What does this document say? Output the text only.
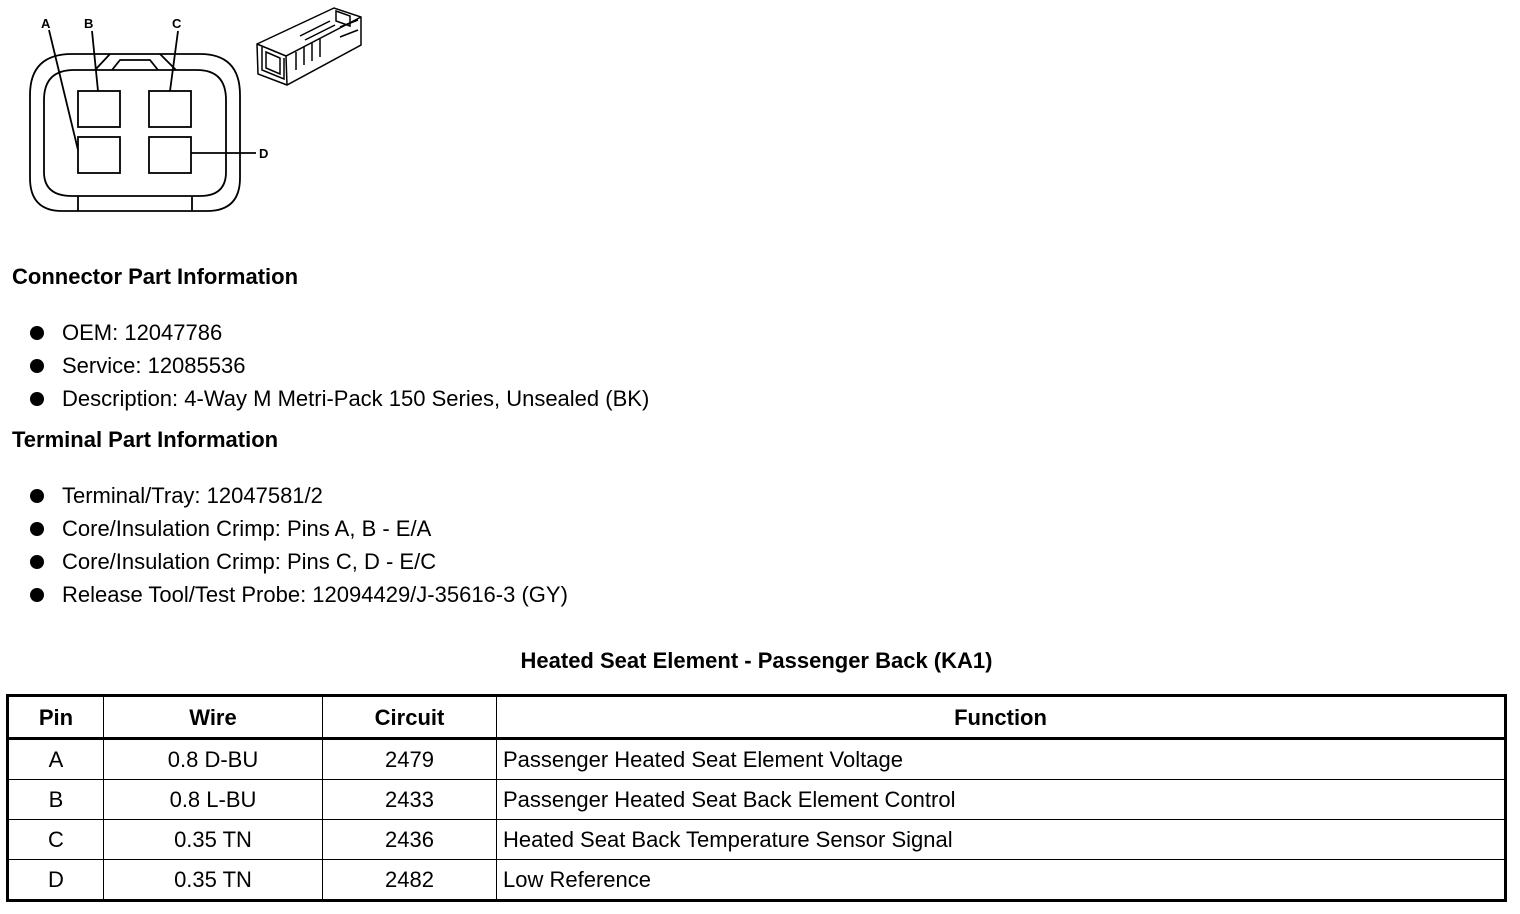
A	B	C
D
Connector Part Information
OEM: 12047786
Service: 12085536
Description: 4-Way M Metri-Pack 150 Series, Unsealed (BK)
Terminal Part Information
Terminal/Tray: 12047581/2
Core/Insulation Crimp: Pins A, B - E/A
Core/Insulation Crimp: Pins C, D - E/C
Release Tool/Test Probe: 12094429/J-35616-3 (GY)
Heated Seat Element - Passenger Back (KA1)
Pin	Wire	Circuit	Function
A	0.8 D-BU	2479	Passenger Heated Seat Element Voltage
B	0.8 L-BU	2433	Passenger Heated Seat Back Element Control
C	0.35 TN	2436	Heated Seat Back Temperature Sensor Signal
D	0.35 TN	2482	Low Reference
